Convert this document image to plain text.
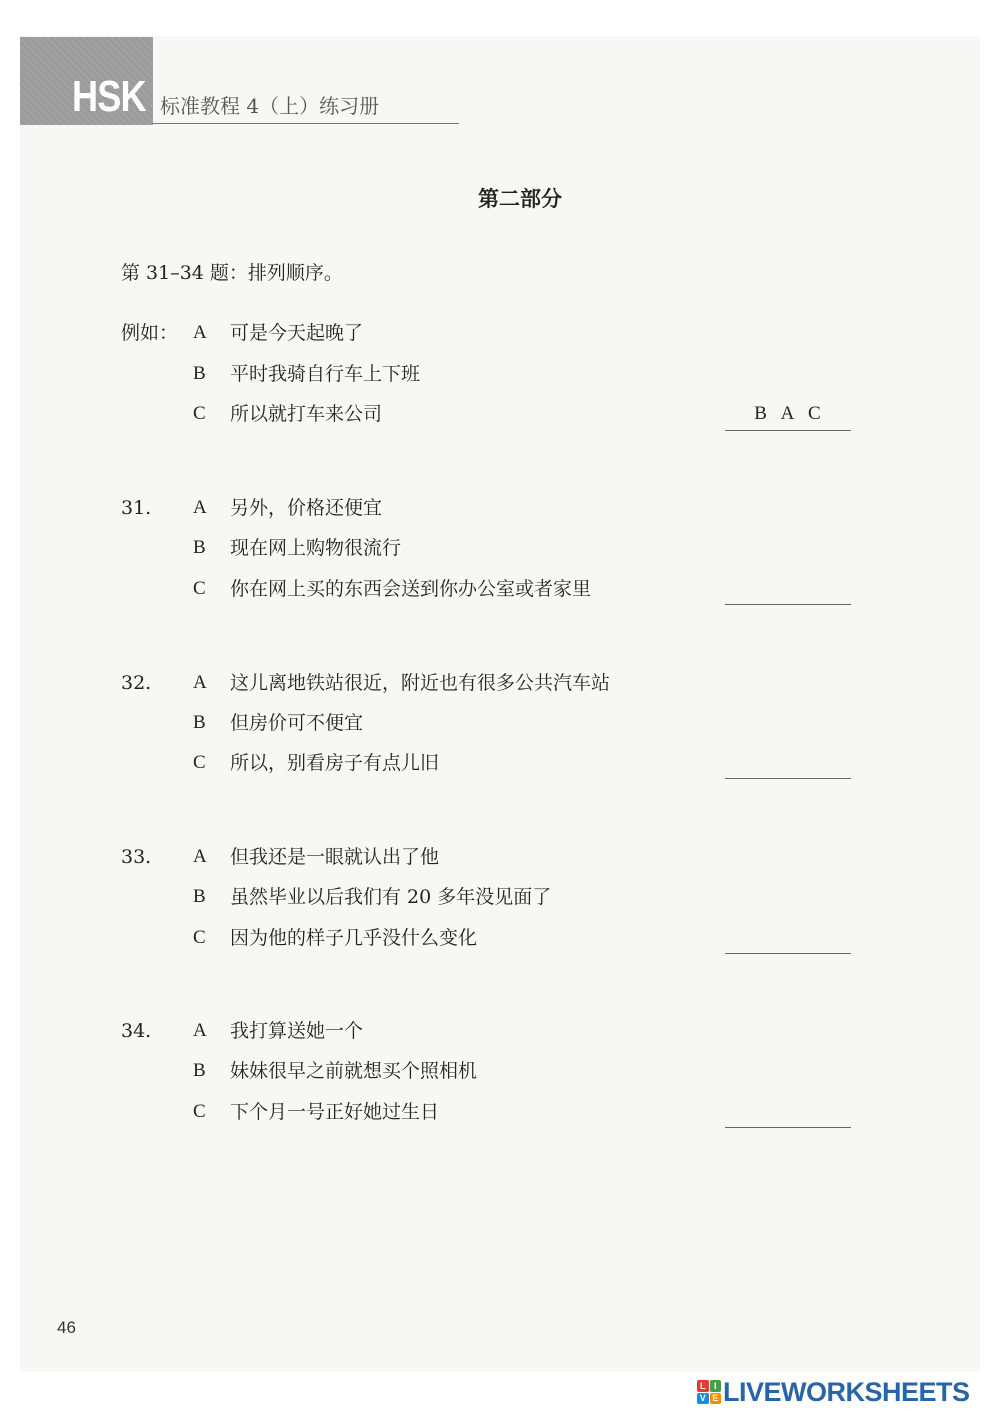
HSK 标准教程 4（上）练习册
第二部分
第 31–34 题：排列顺序。
例如： A 可是今天起晚了
B 平时我骑自行车上下班
C 所以就打车来公司	B A C
31. A 另外，价格还便宜
B 现在网上购物很流行
C 你在网上买的东西会送到你办公室或者家里
32. A 这儿离地铁站很近，附近也有很多公共汽车站
B 但房价可不便宜
C 所以，别看房子有点儿旧
33. A 但我还是一眼就认出了他
B 虽然毕业以后我们有 20 多年没见面了
C 因为他的样子几乎没什么变化
34. A 我打算送她一个
B 妹妹很早之前就想买个照相机
C 下个月一号正好她过生日
46
L I
V E LIVEWORKSHEETS
